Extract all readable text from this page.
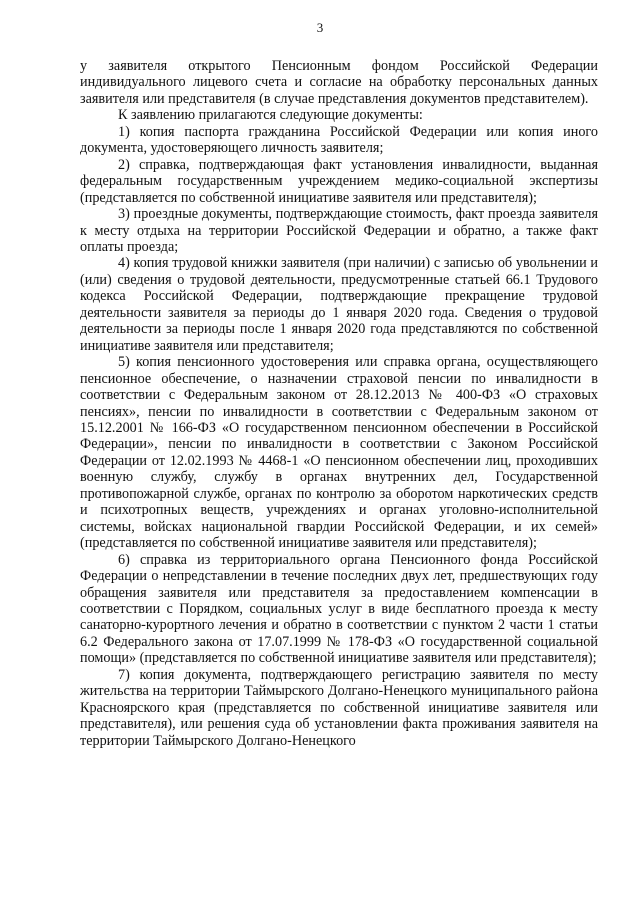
3

у заявителя открытого Пенсионным фондом Российской Федерации индивидуального лицевого счета и согласие на обработку персональных данных заявителя или представителя (в случае представления документов представителем).

К заявлению прилагаются следующие документы:

1) копия паспорта гражданина Российской Федерации или копия иного документа, удостоверяющего личность заявителя;

2) справка, подтверждающая факт установления инвалидности, выданная федеральным государственным учреждением медико-социальной экспертизы (представляется по собственной инициативе заявителя или представителя);

3) проездные документы, подтверждающие стоимость, факт проезда заявителя к месту отдыха на территории Российской Федерации и обратно, а также факт оплаты проезда;

4) копия трудовой книжки заявителя (при наличии) с записью об увольнении и (или) сведения о трудовой деятельности, предусмотренные статьей 66.1 Трудового кодекса Российской Федерации, подтверждающие прекращение трудовой деятельности заявителя за периоды до 1 января 2020 года. Сведения о трудовой деятельности за периоды после 1 января 2020 года представляются по собственной инициативе заявителя или представителя;

5) копия пенсионного удостоверения или справка органа, осуществляющего пенсионное обеспечение, о назначении страховой пенсии по инвалидности в соответствии с Федеральным законом от 28.12.2013 № 400-ФЗ «О страховых пенсиях», пенсии по инвалидности в соответствии с Федеральным законом от 15.12.2001 № 166-ФЗ «О государственном пенсионном обеспечении в Российской Федерации», пенсии по инвалидности в соответствии с Законом Российской Федерации от 12.02.1993 № 4468-1 «О пенсионном обеспечении лиц, проходивших военную службу, службу в органах внутренних дел, Государственной противопожарной службе, органах по контролю за оборотом наркотических средств и психотропных веществ, учреждениях и органах уголовно-исполнительной системы, войсках национальной гвардии Российской Федерации, и их семей» (представляется по собственной инициативе заявителя или представителя);

6) справка из территориального органа Пенсионного фонда Российской Федерации о непредставлении в течение последних двух лет, предшествующих году обращения заявителя или представителя за предоставлением компенсации в соответствии с Порядком, социальных услуг в виде бесплатного проезда к месту санаторно-курортного лечения и обратно в соответствии с пунктом 2 части 1 статьи 6.2 Федерального закона от 17.07.1999 № 178-ФЗ «О государственной социальной помощи» (представляется по собственной инициативе заявителя или представителя);

7) копия документа, подтверждающего регистрацию заявителя по месту жительства на территории Таймырского Долгано-Ненецкого муниципального района Красноярского края (представляется по собственной инициативе заявителя или представителя), или решения суда об установлении факта проживания заявителя на территории Таймырского Долгано-Ненецкого
